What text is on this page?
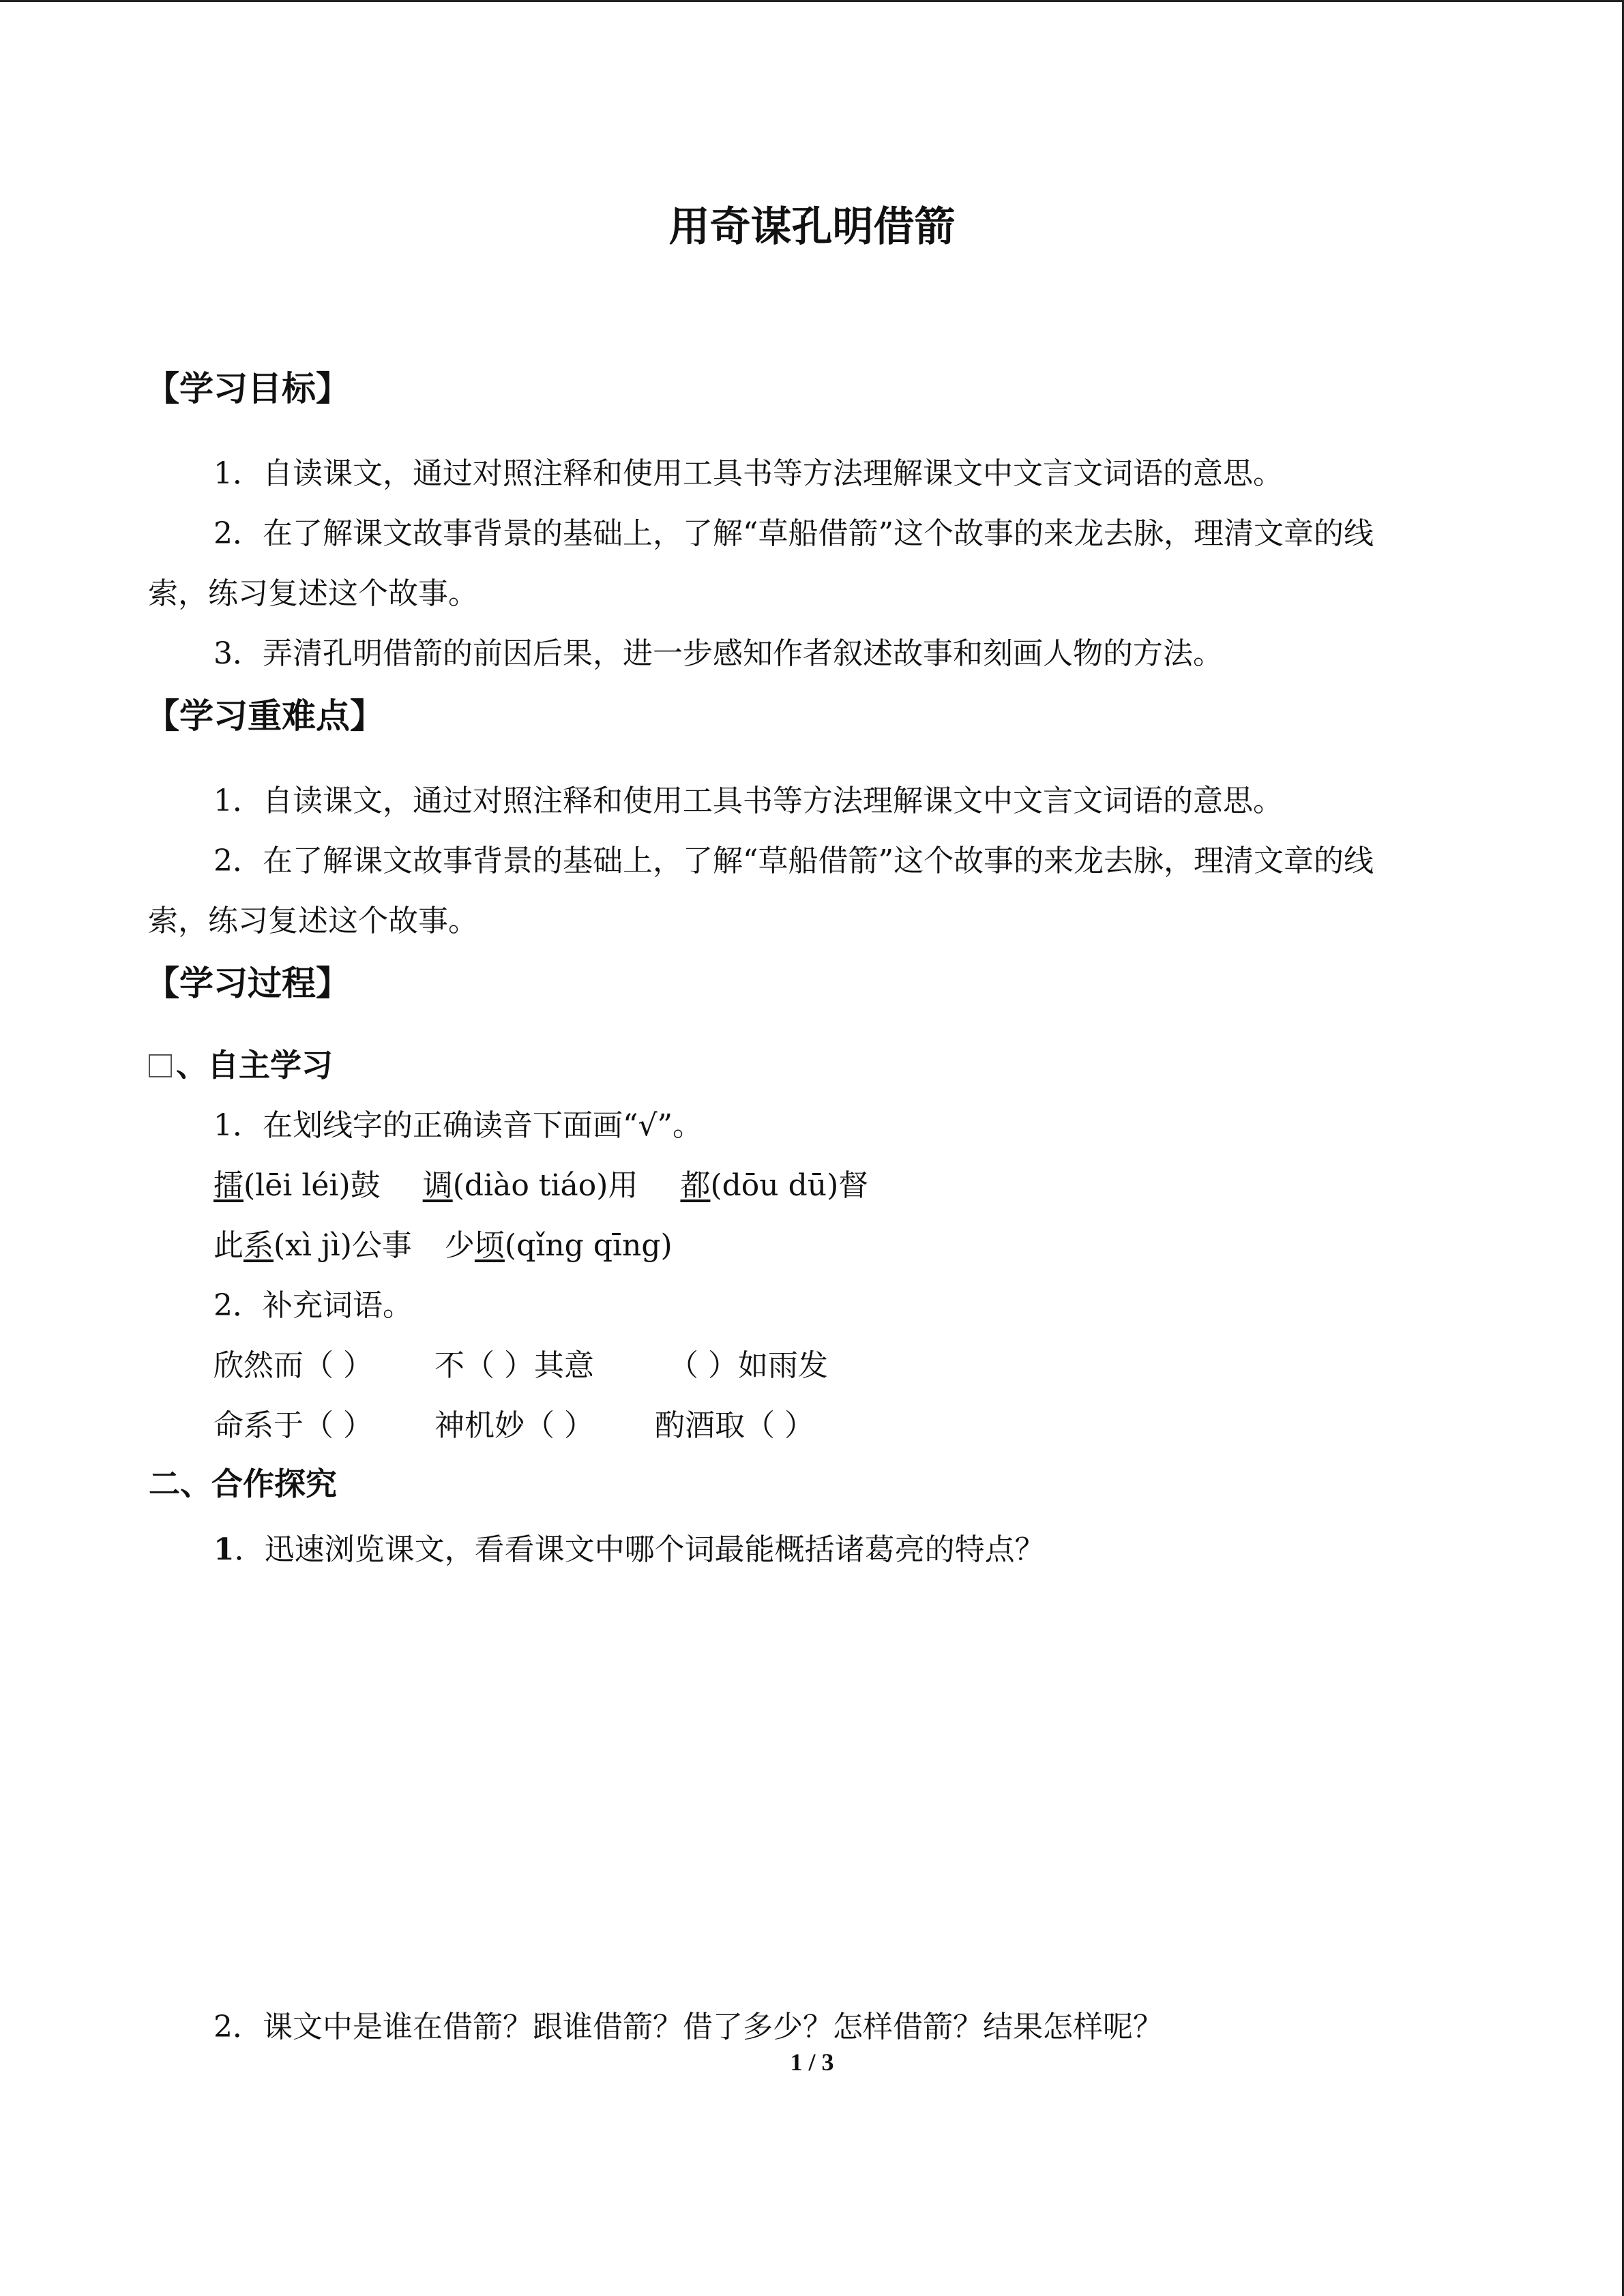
用奇谋孔明借箭
【学习目标】
1．自读课文，通过对照注释和使用工具书等方法理解课文中文言文词语的意思。
2．在了解课文故事背景的基础上，了解“草船借箭”这个故事的来龙去脉，理清文章的线
索，练习复述这个故事。
3．弄清孔明借箭的前因后果，进一步感知作者叙述故事和刻画人物的方法。
【学习重难点】
1．自读课文，通过对照注释和使用工具书等方法理解课文中文言文词语的意思。
2．在了解课文故事背景的基础上，了解“草船借箭”这个故事的来龙去脉，理清文章的线
索，练习复述这个故事。
【学习过程】
、自主学习
1．在划线字的正确读音下面画“√”。
擂(lēi léi)鼓 调(diào tiáo)用 都(dōu dū)督
此系(xì jì)公事 少顷(qǐng qīng)
2．补充词语。
欣然而（ ） 不（ ）其意 （ ）如雨发
命系于（ ） 神机妙（ ） 酌酒取（ ）
二、合作探究
1．迅速浏览课文，看看课文中哪个词最能概括诸葛亮的特点？
2．课文中是谁在借箭？跟谁借箭？借了多少？怎样借箭？结果怎样呢？
1 / 3
